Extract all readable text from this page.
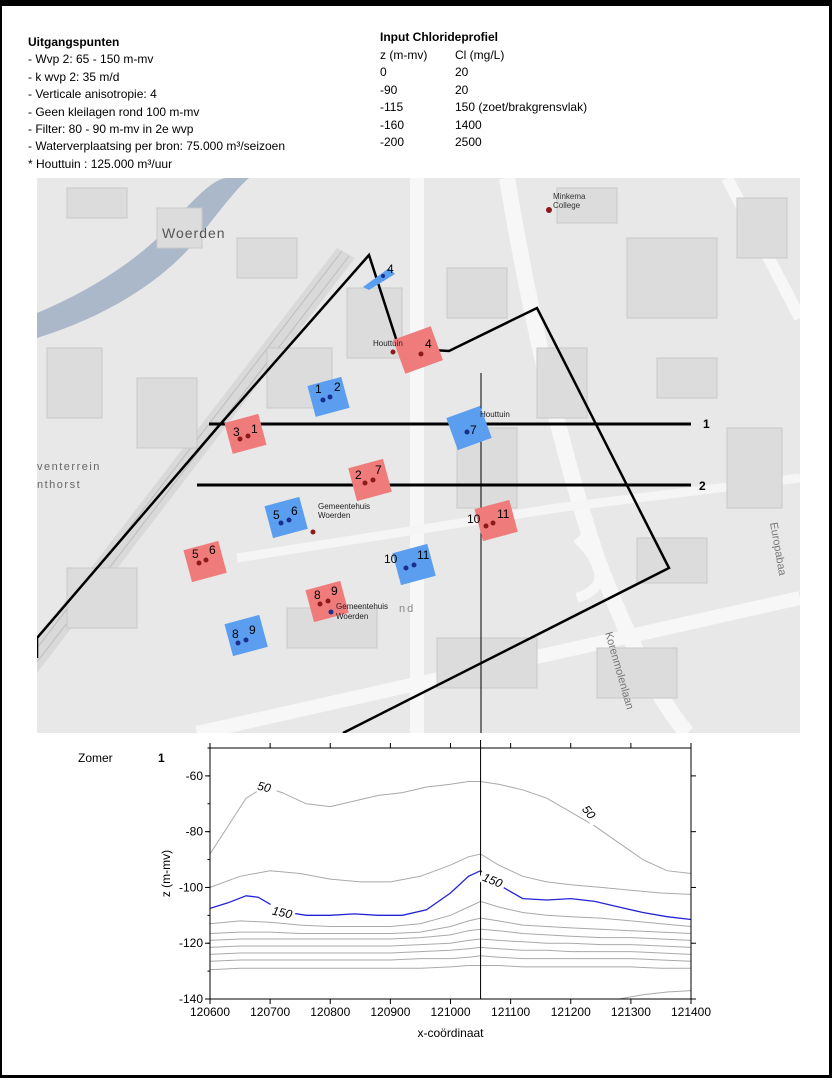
Uitgangspunten
- Wvp 2: 65 - 150 m-mv
- k wvp 2: 35 m/d
- Verticale anisotropie: 4
- Geen kleilagen rond 100 m-mv
- Filter: 80 - 90 m-mv in 2e wvp
- Waterverplaatsing per bron: 75.000 m³/seizoen
* Houttuin : 125.000 m³/uur
Input Chlorideprofiel
z (m-mv)	Cl (mg/L)
0	20
-90	20
-115	150 (zoet/brakgrensvlak)
-160	1400
-200	2500
Woerden
venterrein
nthorst
nd
Korenmolenlaan
Europabaa
Minkema
College
1
2
4
4
1 2
3 1	7
2 7
5 6
10 11
5 6
10 11
8 9
8 9
Houttuin
Houttuin
Gemeentehuis
Woerden
Gemeentehuis
Woerden
Zomer	1
120600 120700 120800 120900 121000 121100 121200 121300 121400
-60
-80
-100
-120
-140
50
50
150
150
x-coördinaat
z (m-mv)
